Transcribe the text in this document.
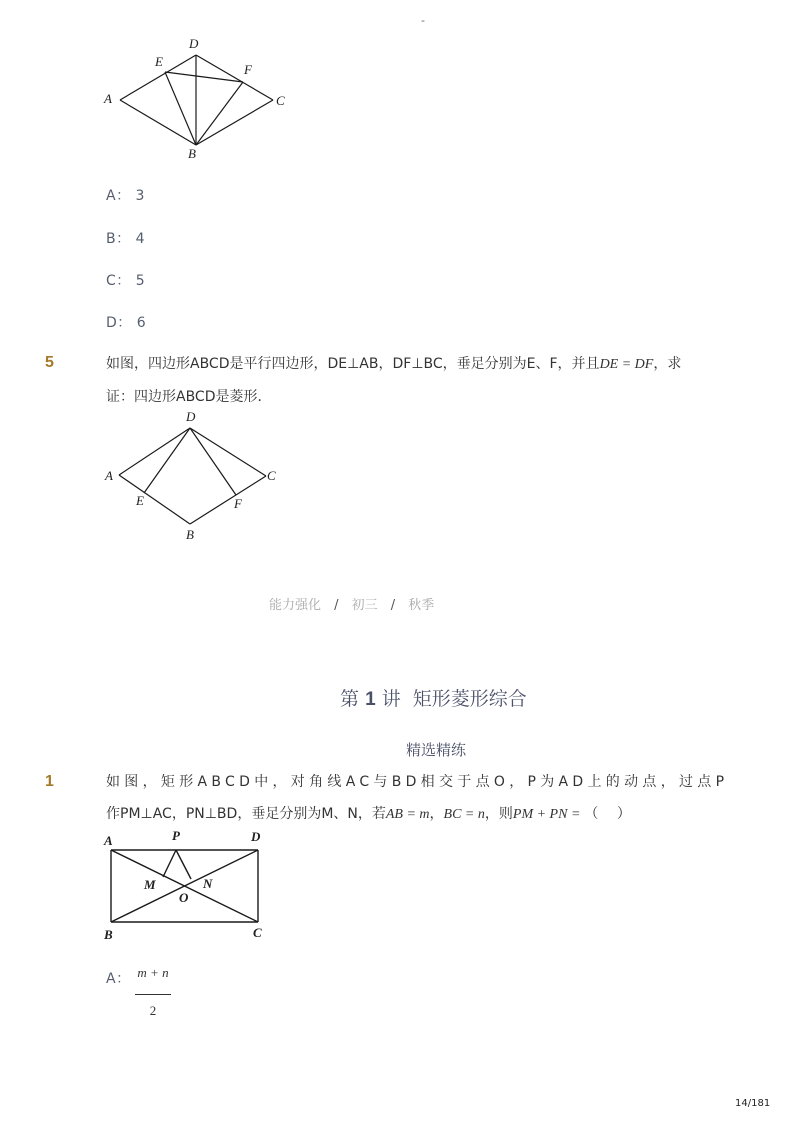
-
A
D
E
F
C
B
A： 3
B： 4
C： 5
D： 6
5	如图，四边形ABCD是平行四边形，DE⊥AB，DF⊥BC，垂足分别为E、F，并且DE = DF，求
证：四边形ABCD是菱形．
A
D
C
E	F
B
能力强化 / 初三 / 秋季
第 1 讲 矩形菱形综合
精选精练
1	如图，矩形ABCD中，对角线AC与BD相交于点O，P为AD上的动点，过点P
作PM⊥AC，PN⊥BD，垂足分别为M、N，若AB = m，BC = n，则PM + PN = （　 ）
A	P	D
M	N
O
B	C
A： m + n
2
14/181
